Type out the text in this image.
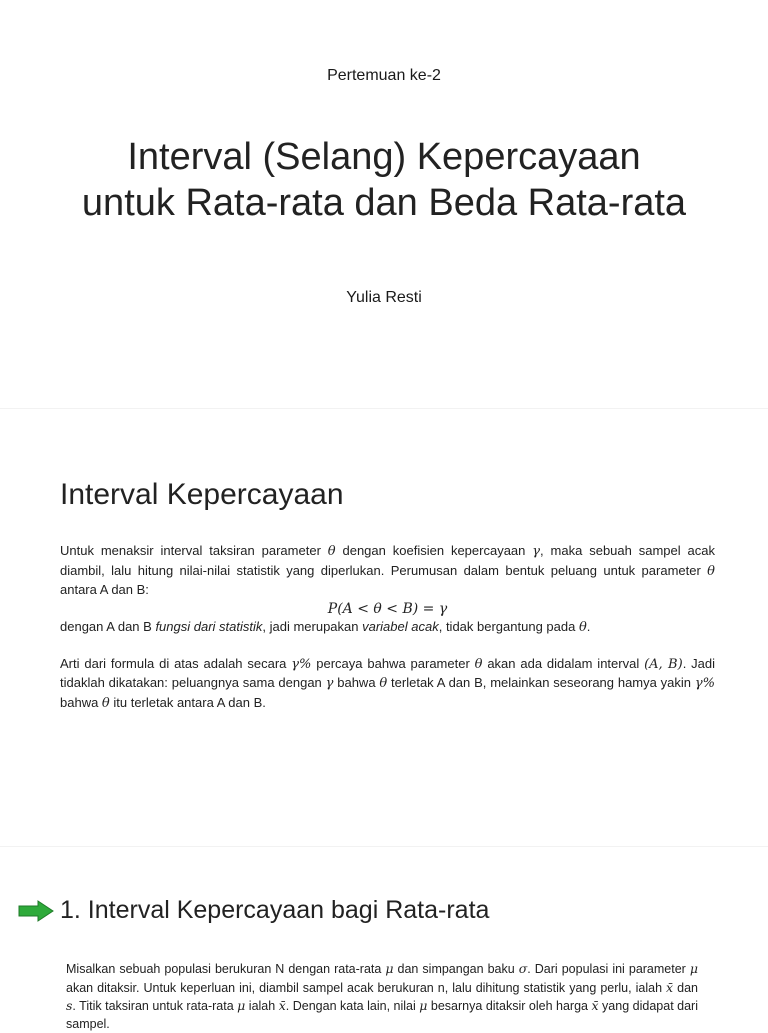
Pertemuan ke-2
Interval (Selang) Kepercayaan
untuk Rata-rata dan Beda Rata-rata
Yulia Resti
Interval Kepercayaan
Untuk menaksir interval taksiran parameter θ dengan koefisien kepercayaan γ, maka sebuah sampel acak diambil, lalu hitung nilai-nilai statistik yang diperlukan. Perumusan dalam bentuk peluang untuk parameter θ antara A dan B:
P(A < θ < B) = γ
dengan A dan B fungsi dari statistik, jadi merupakan variabel acak, tidak bergantung pada θ.
Arti dari formula di atas adalah secara γ% percaya bahwa parameter θ akan ada didalam interval (A, B). Jadi tidaklah dikatakan: peluangnya sama dengan γ bahwa θ terletak A dan B, melainkan seseorang hamya yakin γ% bahwa θ itu terletak antara A dan B.
1. Interval Kepercayaan bagi Rata-rata
Misalkan sebuah populasi berukuran N dengan rata-rata μ dan simpangan baku σ. Dari populasi ini parameter μ akan ditaksir. Untuk keperluan ini, diambil sampel acak berukuran n, lalu dihitung statistik yang perlu, ialah x̄ dan s. Titik taksiran untuk rata-rata μ ialah x̄. Dengan kata lain, nilai μ besarnya ditaksir oleh harga x̄ yang didapat dari sampel.
